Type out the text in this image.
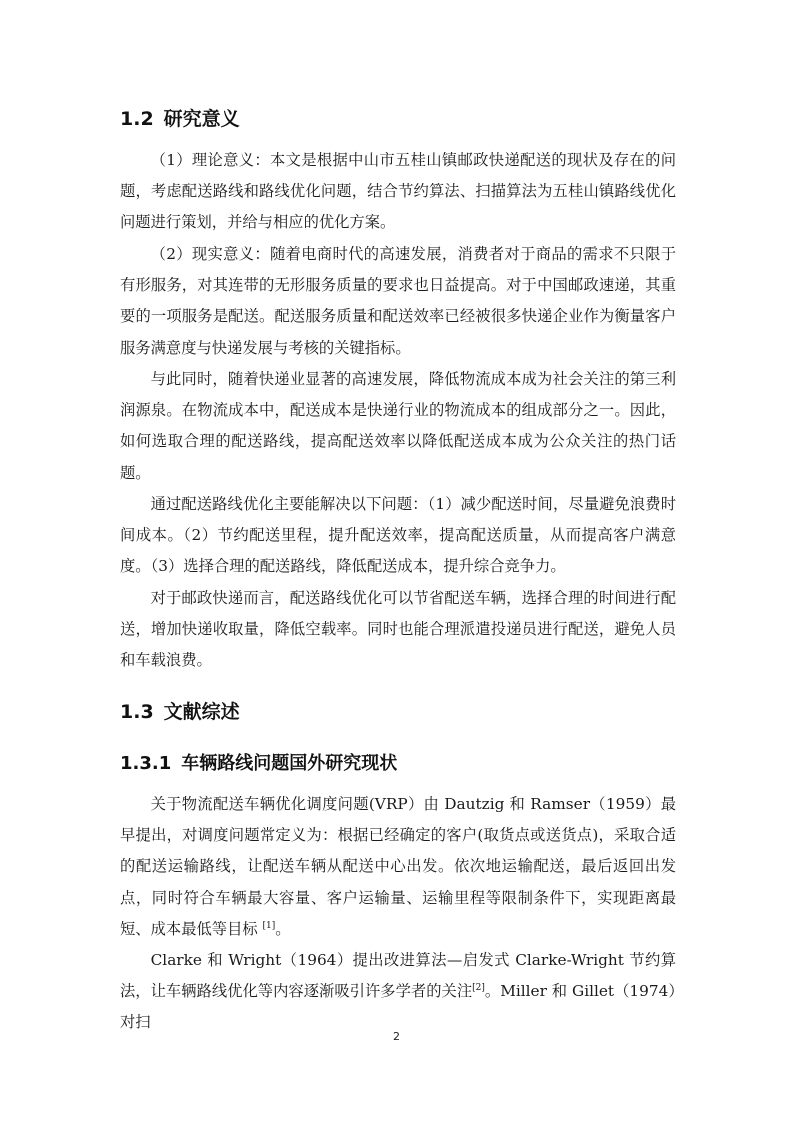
1.2 研究意义

（1）理论意义：本文是根据中山市五桂山镇邮政快递配送的现状及存在的问题，考虑配送路线和路线优化问题，结合节约算法、扫描算法为五桂山镇路线优化问题进行策划，并给与相应的优化方案。

（2）现实意义：随着电商时代的高速发展，消费者对于商品的需求不只限于有形服务，对其连带的无形服务质量的要求也日益提高。对于中国邮政速递，其重要的一项服务是配送。配送服务质量和配送效率已经被很多快递企业作为衡量客户服务满意度与快递发展与考核的关键指标。

与此同时，随着快递业显著的高速发展，降低物流成本成为社会关注的第三利润源泉。在物流成本中，配送成本是快递行业的物流成本的组成部分之一。因此，如何选取合理的配送路线，提高配送效率以降低配送成本成为公众关注的热门话题。

通过配送路线优化主要能解决以下问题：（1）减少配送时间，尽量避免浪费时间成本。（2）节约配送里程，提升配送效率，提高配送质量，从而提高客户满意度。（3）选择合理的配送路线，降低配送成本，提升综合竞争力。

对于邮政快递而言，配送路线优化可以节省配送车辆，选择合理的时间进行配送，增加快递收取量，降低空载率。同时也能合理派遣投递员进行配送，避免人员和车载浪费。

1.3 文献综述
1.3.1 车辆路线问题国外研究现状

关于物流配送车辆优化调度问题(VRP）由 Dautzig 和 Ramser（1959）最早提出，对调度问题常定义为：根据已经确定的客户(取货点或送货点)，采取合适的配送运输路线，让配送车辆从配送中心出发。依次地运输配送，最后返回出发点，同时符合车辆最大容量、客户运输量、运输里程等限制条件下，实现距离最短、成本最低等目标 [1]。

Clarke 和 Wright（1964）提出改进算法—启发式 Clarke-Wright 节约算法，让车辆路线优化等内容逐渐吸引许多学者的关注[2]。Miller 和 Gillet（1974）对扫

2
